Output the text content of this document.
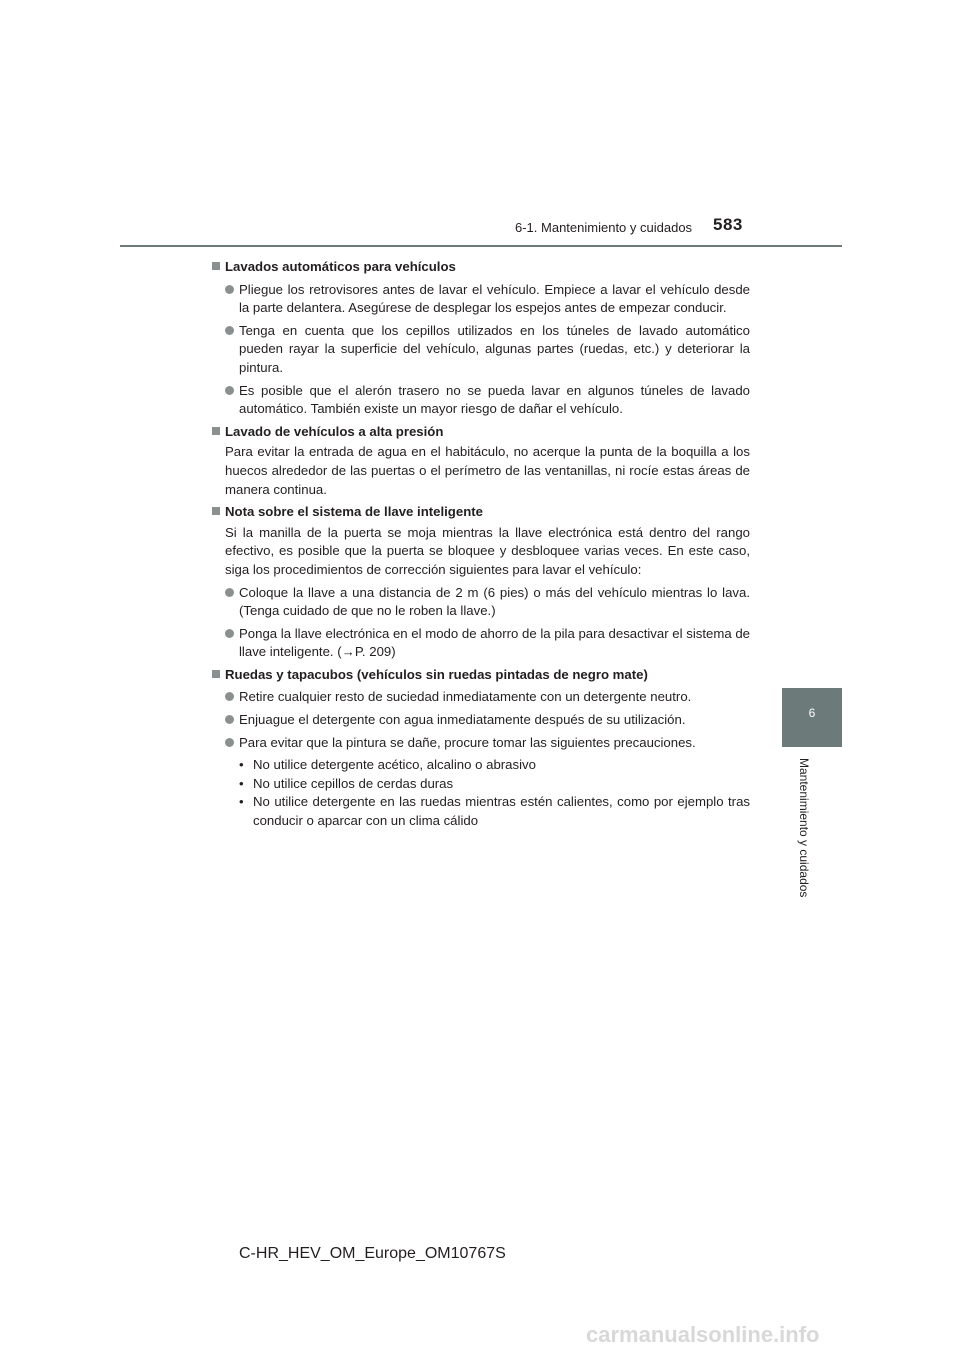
6-1. Mantenimiento y cuidados 583
6
Mantenimiento y cuidados
Lavados automáticos para vehículos
Pliegue los retrovisores antes de lavar el vehículo. Empiece a lavar el vehículo desde la parte delantera. Asegúrese de desplegar los espejos antes de empezar conducir.
Tenga en cuenta que los cepillos utilizados en los túneles de lavado automático pueden rayar la superficie del vehículo, algunas partes (ruedas, etc.) y deteriorar la pintura.
Es posible que el alerón trasero no se pueda lavar en algunos túneles de lavado automático. También existe un mayor riesgo de dañar el vehículo.
Lavado de vehículos a alta presión
Para evitar la entrada de agua en el habitáculo, no acerque la punta de la boquilla a los huecos alrededor de las puertas o el perímetro de las ventanillas, ni rocíe estas áreas de manera continua.
Nota sobre el sistema de llave inteligente
Si la manilla de la puerta se moja mientras la llave electrónica está dentro del rango efectivo, es posible que la puerta se bloquee y desbloquee varias veces. En este caso, siga los procedimientos de corrección siguientes para lavar el vehículo:
Coloque la llave a una distancia de 2 m (6 pies) o más del vehículo mientras lo lava. (Tenga cuidado de que no le roben la llave.)
Ponga la llave electrónica en el modo de ahorro de la pila para desactivar el sistema de llave inteligente. (→P. 209)
Ruedas y tapacubos (vehículos sin ruedas pintadas de negro mate)
Retire cualquier resto de suciedad inmediatamente con un detergente neutro.
Enjuague el detergente con agua inmediatamente después de su utilización.
Para evitar que la pintura se dañe, procure tomar las siguientes precauciones.
• No utilice detergente acético, alcalino o abrasivo
• No utilice cepillos de cerdas duras
• No utilice detergente en las ruedas mientras estén calientes, como por ejemplo tras conducir o aparcar con un clima cálido
C-HR_HEV_OM_Europe_OM10767S
carmanualsonline.info
